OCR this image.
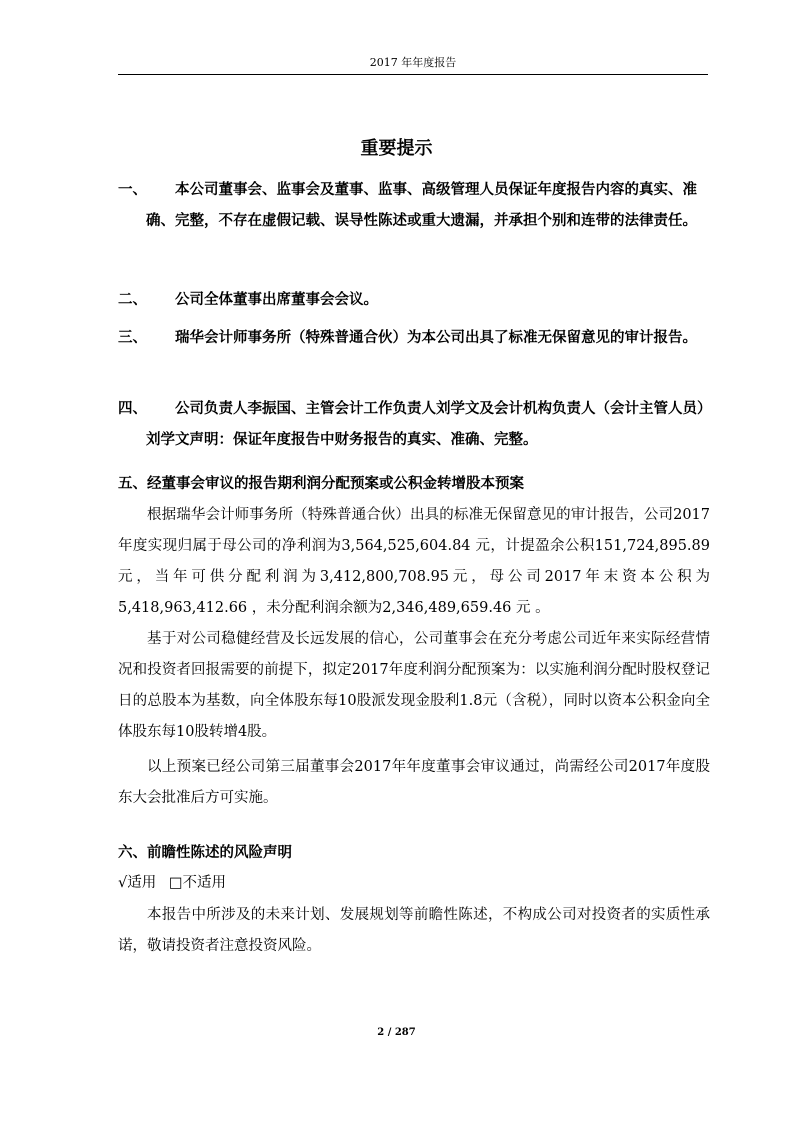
2017 年年度报告
重要提示
一、	本公司董事会、监事会及董事、监事、高级管理人员保证年度报告内容的真实、准确、完整，不存在虚假记载、误导性陈述或重大遗漏，并承担个别和连带的法律责任。
二、	公司全体董事出席董事会会议。
三、	瑞华会计师事务所（特殊普通合伙）为本公司出具了标准无保留意见的审计报告。
四、	公司负责人李振国、主管会计工作负责人刘学文及会计机构负责人（会计主管人员）刘学文声明：保证年度报告中财务报告的真实、准确、完整。
五、经董事会审议的报告期利润分配预案或公积金转增股本预案
根据瑞华会计师事务所（特殊普通合伙）出具的标准无保留意见的审计报告，公司2017年度实现归属于母公司的净利润为3,564,525,604.84 元，计提盈余公积151,724,895.89 元，当年可供分配利润为3,412,800,708.95元，母公司2017年末资本公积为5,418,963,412.66 ，未分配利润余额为2,346,489,659.46 元 。
基于对公司稳健经营及长远发展的信心，公司董事会在充分考虑公司近年来实际经营情况和投资者回报需要的前提下，拟定2017年度利润分配预案为：以实施利润分配时股权登记日的总股本为基数，向全体股东每10股派发现金股利1.8元（含税），同时以资本公积金向全体股东每10股转增4股。
以上预案已经公司第三届董事会2017年年度董事会审议通过，尚需经公司2017年度股东大会批准后方可实施。
六、前瞻性陈述的风险声明
√适用 □不适用
本报告中所涉及的未来计划、发展规划等前瞻性陈述，不构成公司对投资者的实质性承诺，敬请投资者注意投资风险。
2 / 287
